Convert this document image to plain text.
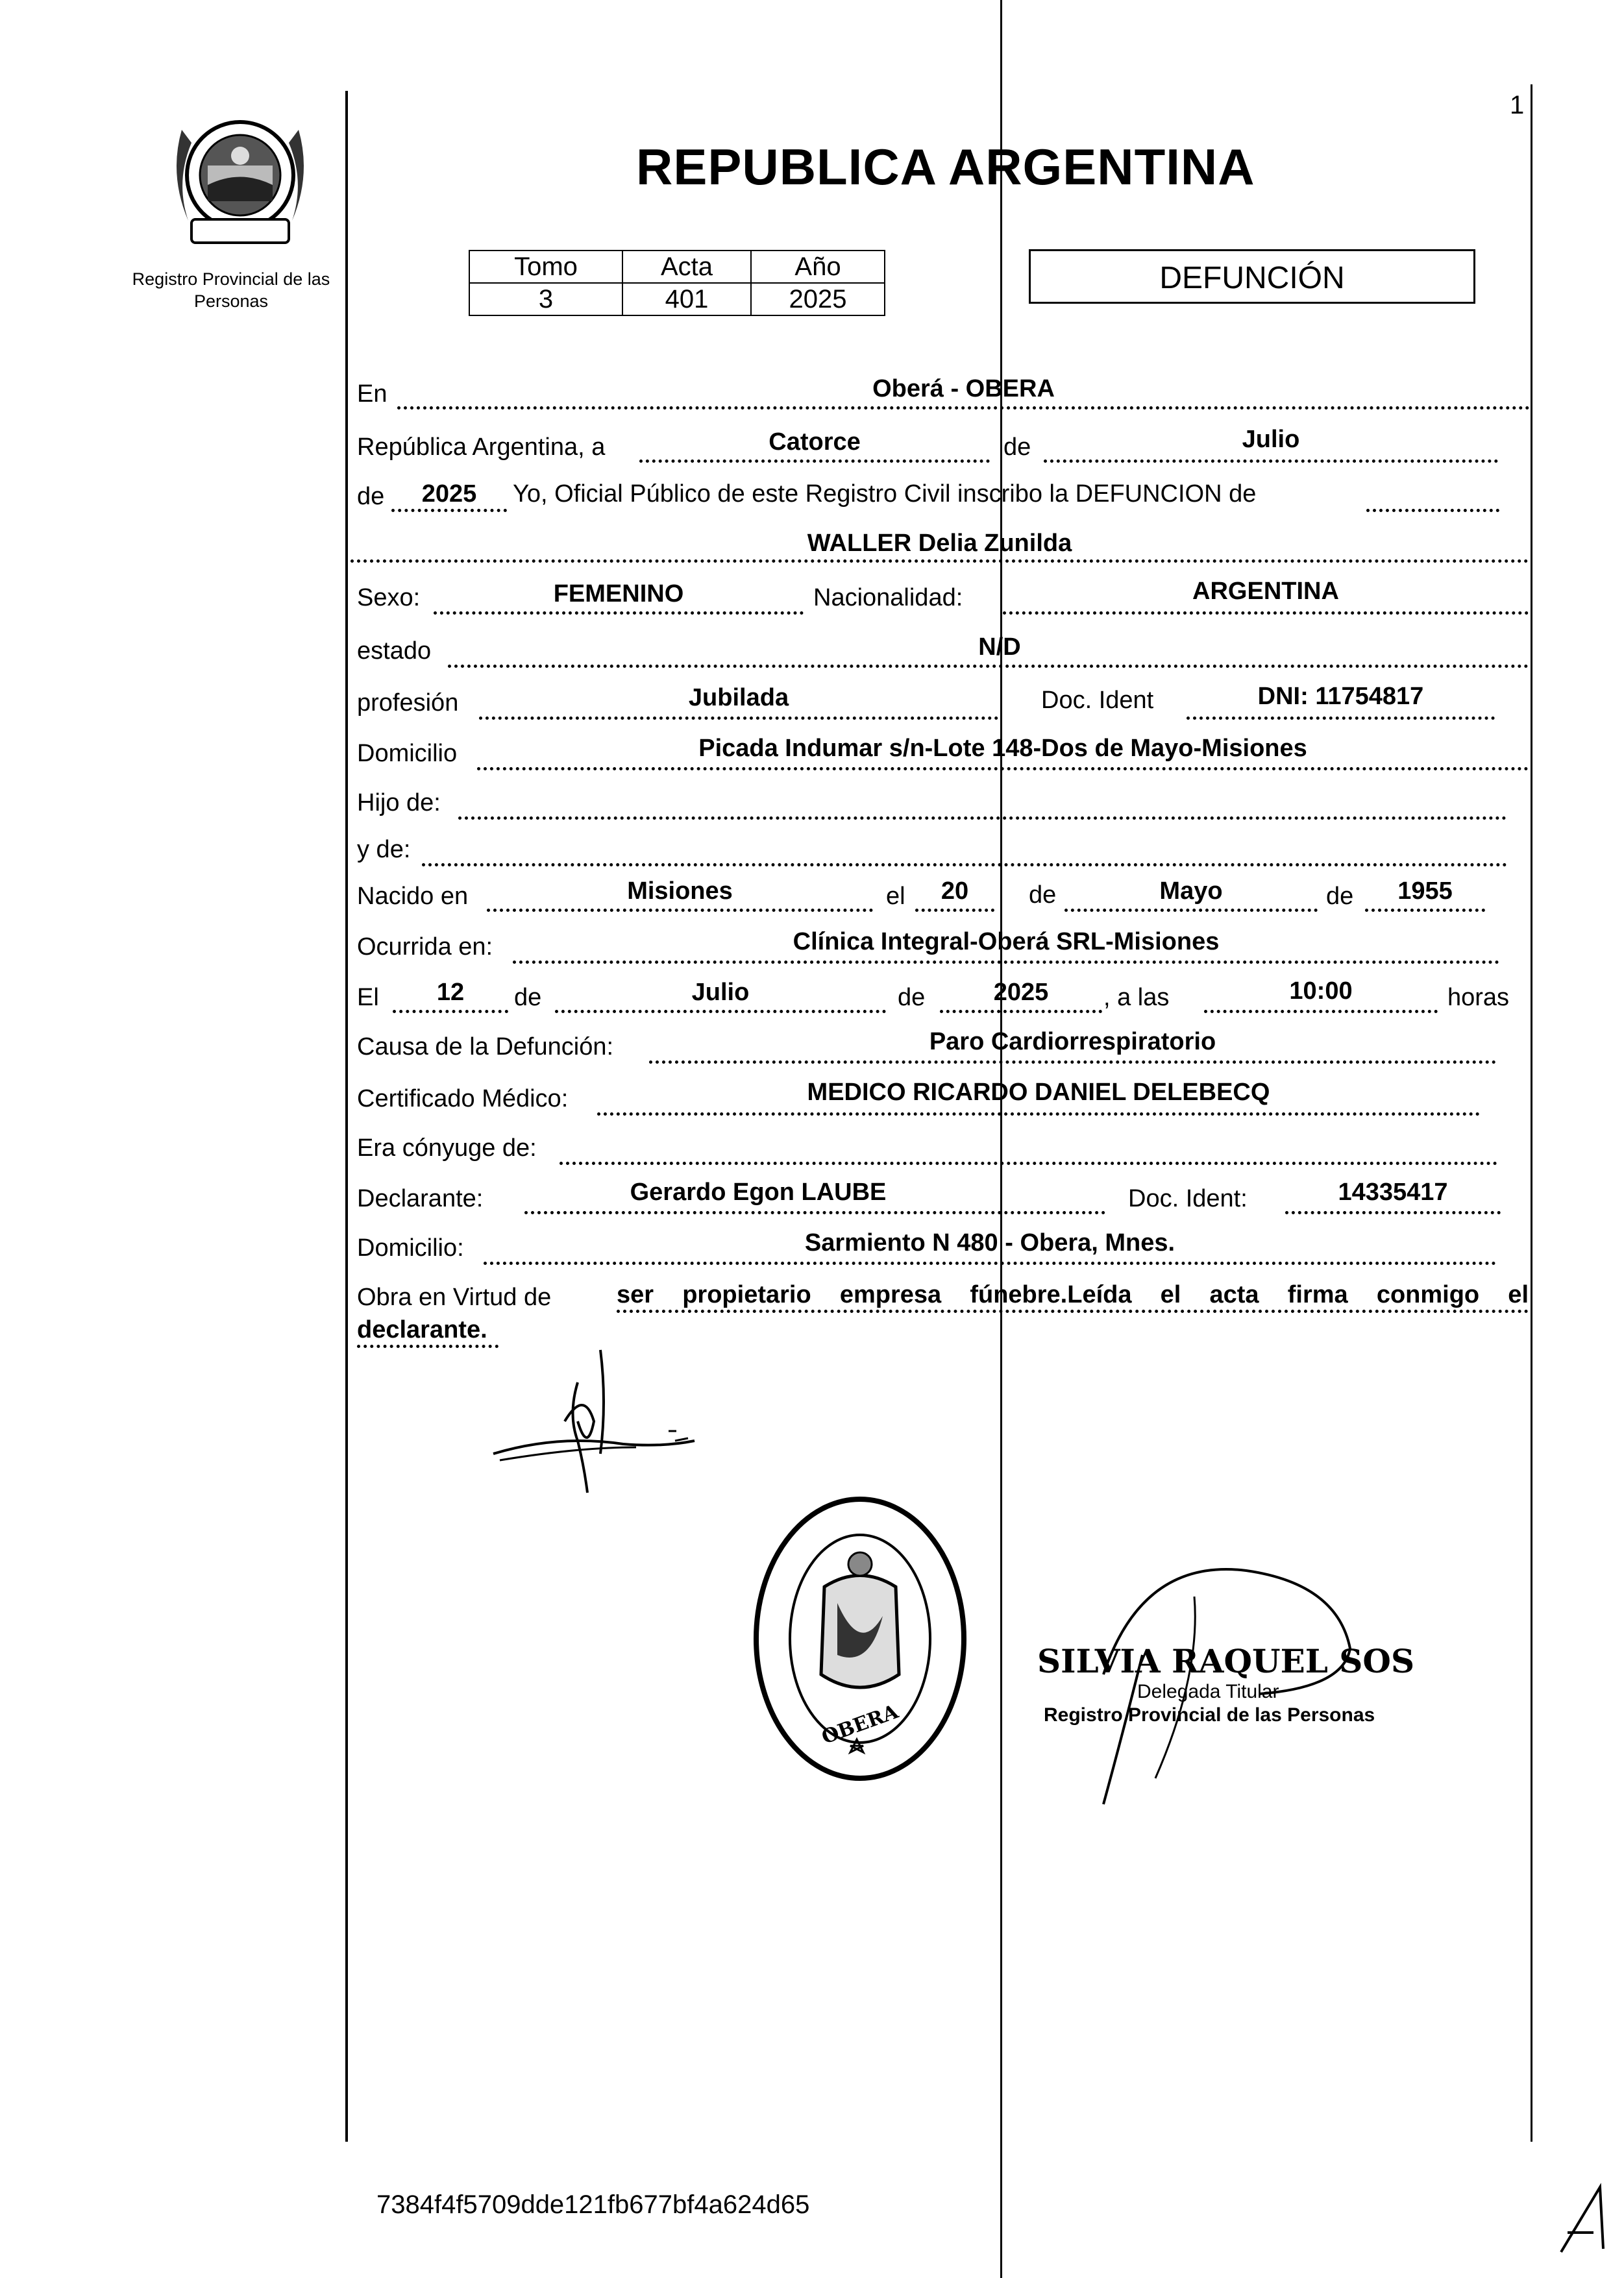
Registro Provincial de las Personas
1
REPUBLICA ARGENTINA
Tomo	Acta	Año
3	401	2025
DEFUNCIÓN
En	Oberá - OBERA
República Argentina, a	Catorce	de	Julio
de	2025	Yo, Oficial Público de este Registro Civil inscribo la DEFUNCION de
WALLER Delia Zunilda
Sexo:	FEMENINO	Nacionalidad:	ARGENTINA
estado	N/D
profesión	Jubilada	Doc. Ident	DNI: 11754817
Domicilio	Picada Indumar s/n-Lote 148-Dos de Mayo-Misiones
Hijo de:
y de:
Nacido en	Misiones	el	20	de	Mayo	de	1955
Ocurrida en:	Clínica Integral-Oberá SRL-Misiones
El	12	de	Julio	de	2025	, a las	10:00	horas
Causa de la Defunción:	Paro Cardiorrespiratorio
Certificado Médico:	MEDICO RICARDO DANIEL DELEBECQ
Era cónyuge de:
Declarante:	Gerardo Egon LAUBE	Doc. Ident:	14335417
Domicilio:	Sarmiento N 480 - Obera, Mnes.
Obra en Virtud de	ser propietario empresa fúnebre.Leída el acta firma conmigo el
declarante.
OBERA
SILVIA RAQUEL SOS
Delegada Titular
Registro Provincial de las Personas
7384f4f5709dde121fb677bf4a624d65
